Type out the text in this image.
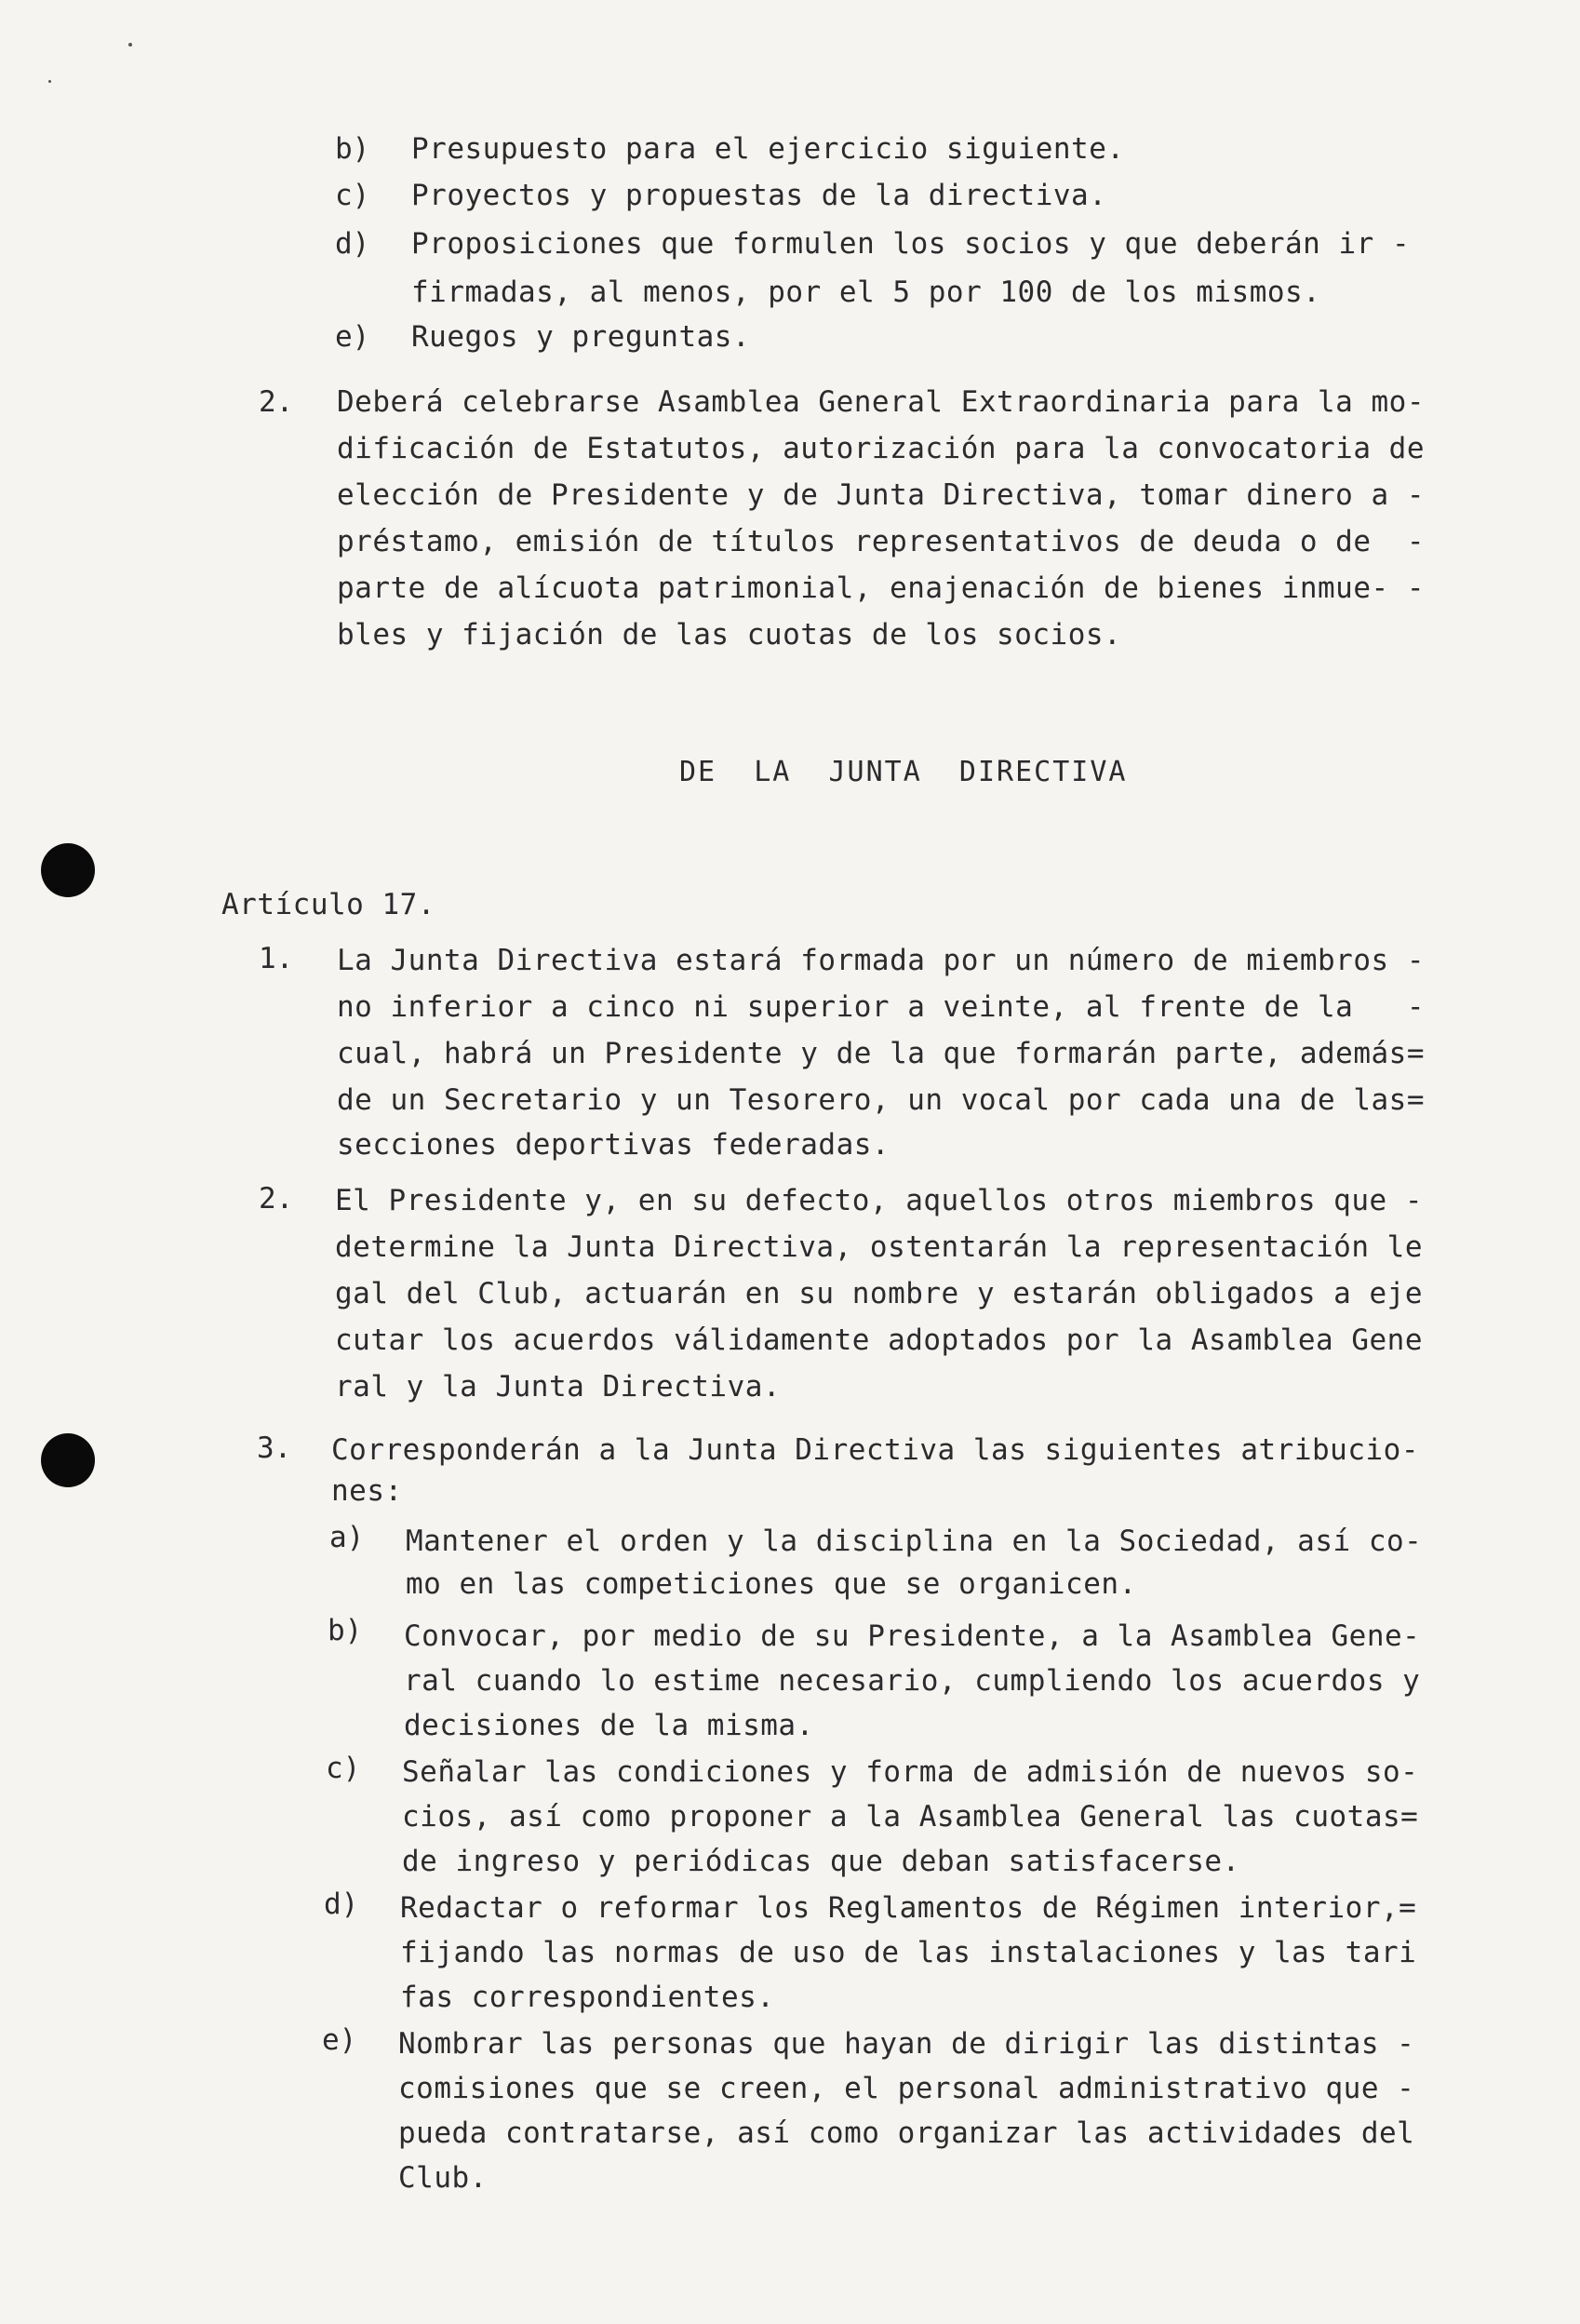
b) Presupuesto para el ejercicio siguiente.
c) Proyectos y propuestas de la directiva.
d) Proposiciones que formulen los socios y que deberán ir -
firmadas, al menos, por el 5 por 100 de los mismos.
e) Ruegos y preguntas.
2. Deberá celebrarse Asamblea General Extraordinaria para la mo-
dificación de Estatutos, autorización para la convocatoria de
elección de Presidente y de Junta Directiva, tomar dinero a -
préstamo, emisión de títulos representativos de deuda o de  -
parte de alícuota patrimonial, enajenación de bienes inmue- -
bles y fijación de las cuotas de los socios.
DE  LA  JUNTA  DIRECTIVA
Artículo 17.
1. La Junta Directiva estará formada por un número de miembros -
no inferior a cinco ni superior a veinte, al frente de la   -
cual, habrá un Presidente y de la que formarán parte, además=
de un Secretario y un Tesorero, un vocal por cada una de las=
secciones deportivas federadas.
2. El Presidente y, en su defecto, aquellos otros miembros que -
determine la Junta Directiva, ostentarán la representación le
gal del Club, actuarán en su nombre y estarán obligados a eje
cutar los acuerdos válidamente adoptados por la Asamblea Gene
ral y la Junta Directiva.
3. Corresponderán a la Junta Directiva las siguientes atribucio-
nes:
a) Mantener el orden y la disciplina en la Sociedad, así co-
mo en las competiciones que se organicen.
b) Convocar, por medio de su Presidente, a la Asamblea Gene-
ral cuando lo estime necesario, cumpliendo los acuerdos y
decisiones de la misma.
c) Señalar las condiciones y forma de admisión de nuevos so-
cios, así como proponer a la Asamblea General las cuotas=
de ingreso y periódicas que deban satisfacerse.
d) Redactar o reformar los Reglamentos de Régimen interior,=
fijando las normas de uso de las instalaciones y las tari
fas correspondientes.
e) Nombrar las personas que hayan de dirigir las distintas -
comisiones que se creen, el personal administrativo que -
pueda contratarse, así como organizar las actividades del
Club.
